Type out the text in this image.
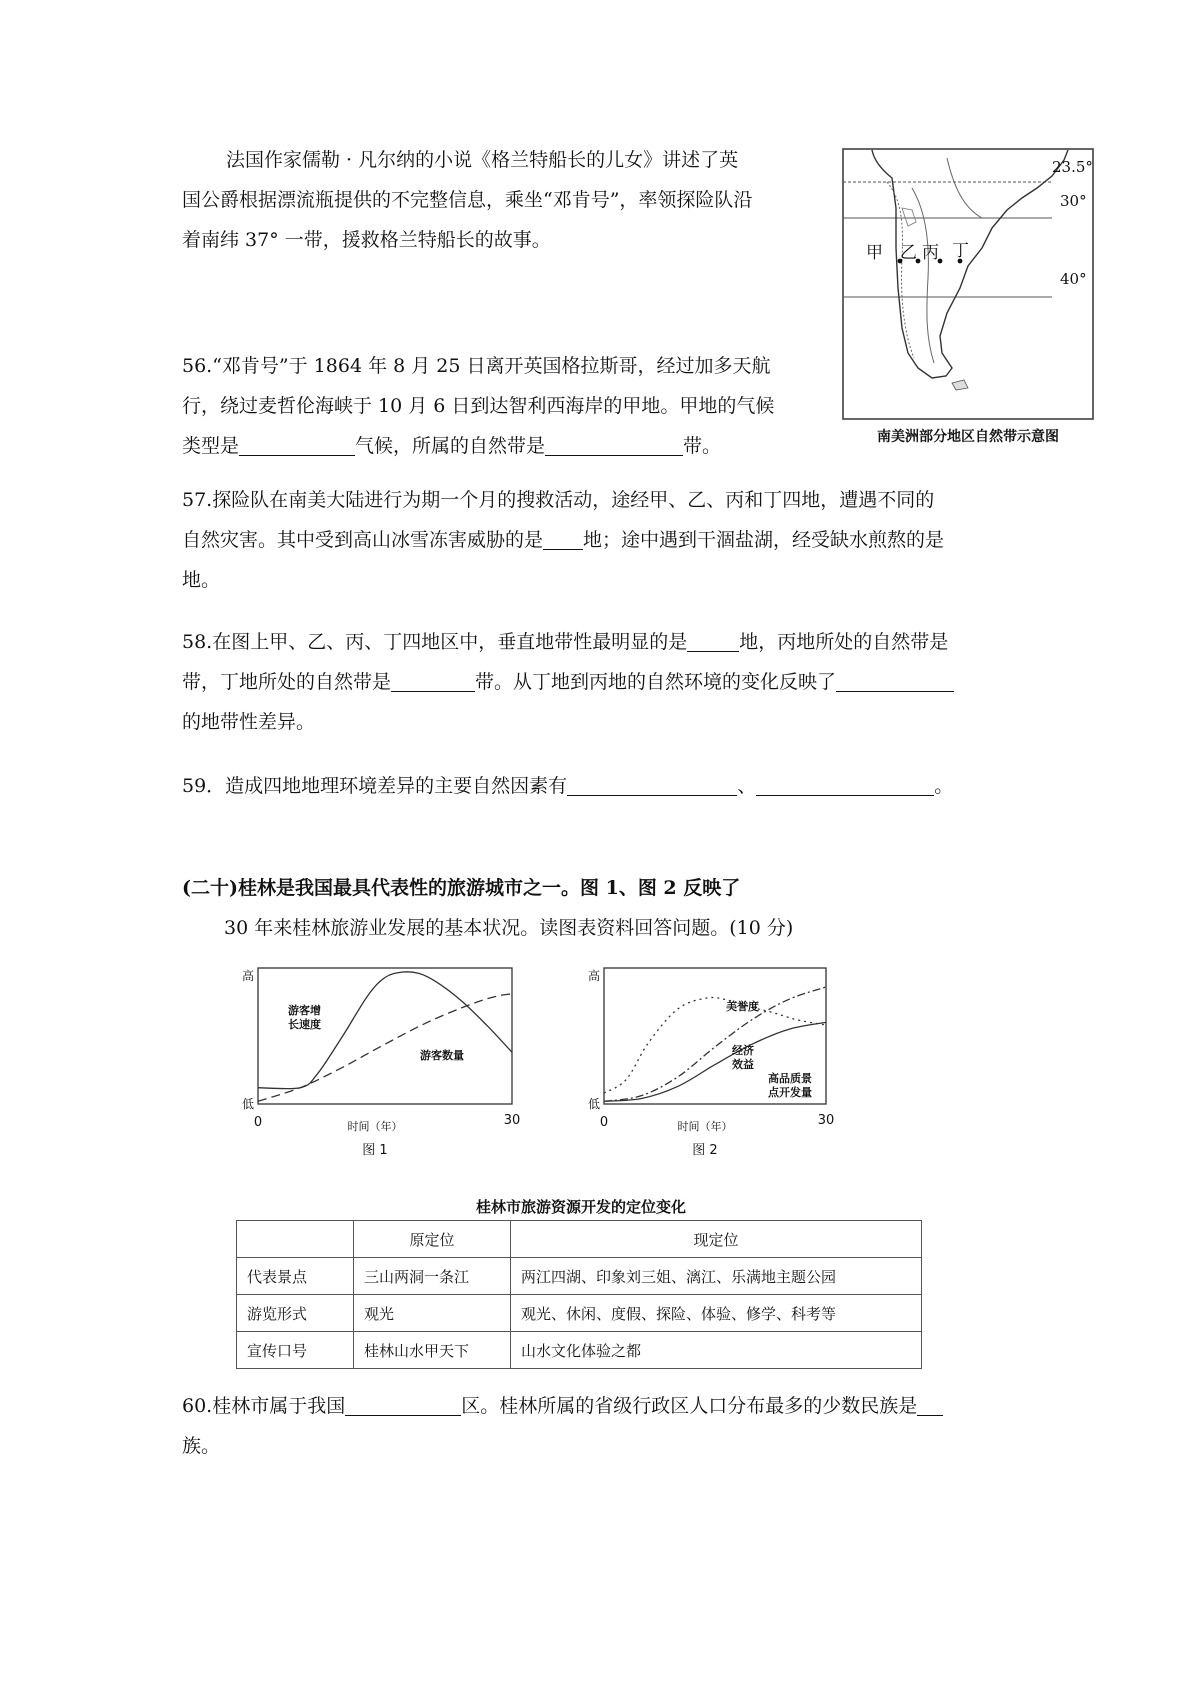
法国作家儒勒 · 凡尔纳的小说《格兰特船长的儿女》讲述了英
国公爵根据漂流瓶提供的不完整信息，乘坐“邓肯号”，率领探险队沿
着南纬 37° 一带，援救格兰特船长的故事。
23.5°
30°
40°
甲 乙 丙 丁
南美洲部分地区自然带示意图
56.“邓肯号”于 1864 年 8 月 25 日离开英国格拉斯哥，经过加多天航
行，绕过麦哲伦海峡于 10 月 6 日到达智利西海岸的甲地。甲地的气候
类型是	气候，所属的自然带是	带。
57.探险队在南美大陆进行为期一个月的搜救活动，途经甲、乙、丙和丁四地，遭遇不同的
自然灾害。其中受到高山冰雪冻害威胁的是 地；途中遇到干涸盐湖，经受缺水煎熬的是
地。
58.在图上甲、乙、丙、丁四地区中，垂直地带性最明显的是	地，丙地所处的自然带是
带，丁地所处的自然带是	带。从丁地到丙地的自然环境的变化反映了
的地带性差异。
59．造成四地地理环境差异的主要自然因素有	、	。
(二十)桂林是我国最具代表性的旅游城市之一。图 1、图 2 反映了
30 年来桂林旅游业发展的基本状况。读图表资料回答问题。(10 分)
高
低
0	30
时间（年）
图 1
游客增
长速度
游客数量
高
低
0	30
时间（年）
图 2
美誉度
经济
效益
高品质景
点开发量
桂林市旅游资源开发的定位变化
	原定位	现定位
代表景点	三山两洞一条江	两江四湖、印象刘三姐、漓江、乐满地主题公园
游览形式	观光	观光、休闲、度假、探险、体验、修学、科考等
宣传口号	桂林山水甲天下	山水文化体验之都
60.桂林市属于我国	区。桂林所属的省级行政区人口分布最多的少数民族是
族。
